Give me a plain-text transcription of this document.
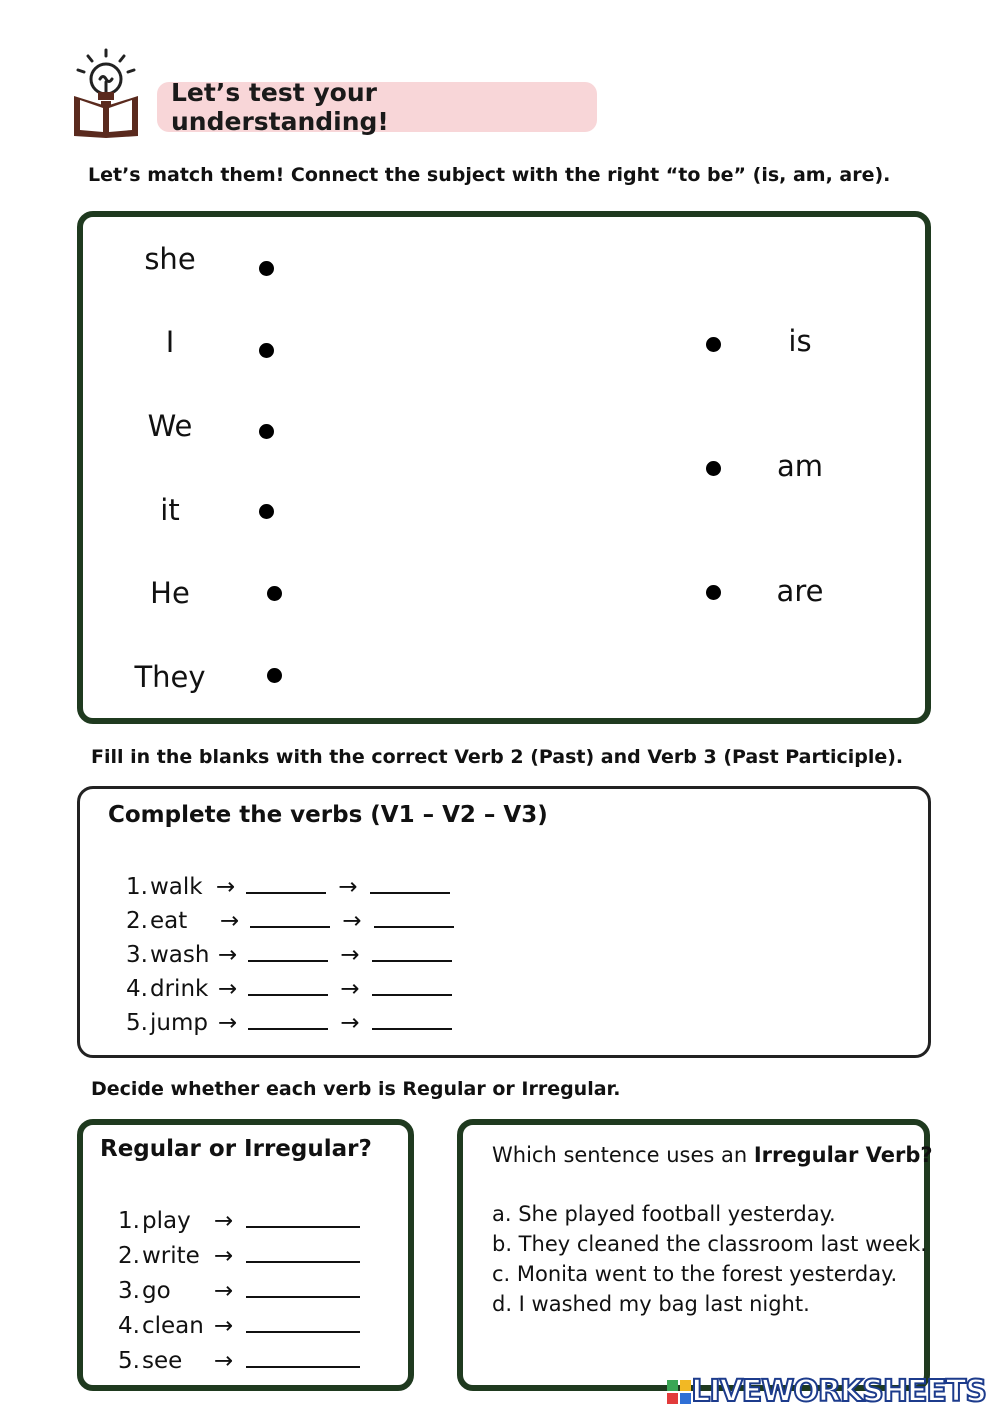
Let’s test your understanding!
Let’s match them! Connect the subject with the right “to be” (is, am, are).
she
I
We
it
He
They
is
am
are
Fill in the blanks with the correct Verb 2 (Past) and Verb 3 (Past Participle).
Complete the verbs (V1 – V2 – V3)
1.walk →	→
2.eat →	→
3.wash →	→
4.drink →	→
5.jump →	→
Decide whether each verb is Regular or Irregular.
Regular or Irregular?
1.play →
2.write →
3.go →
4.clean →
5.see →
Which sentence uses an Irregular Verb?
a. She played football yesterday.
b. They cleaned the classroom last week.
c. Monita went to the forest yesterday.
d. I washed my bag last night.
LIVEWORKSHEETS
